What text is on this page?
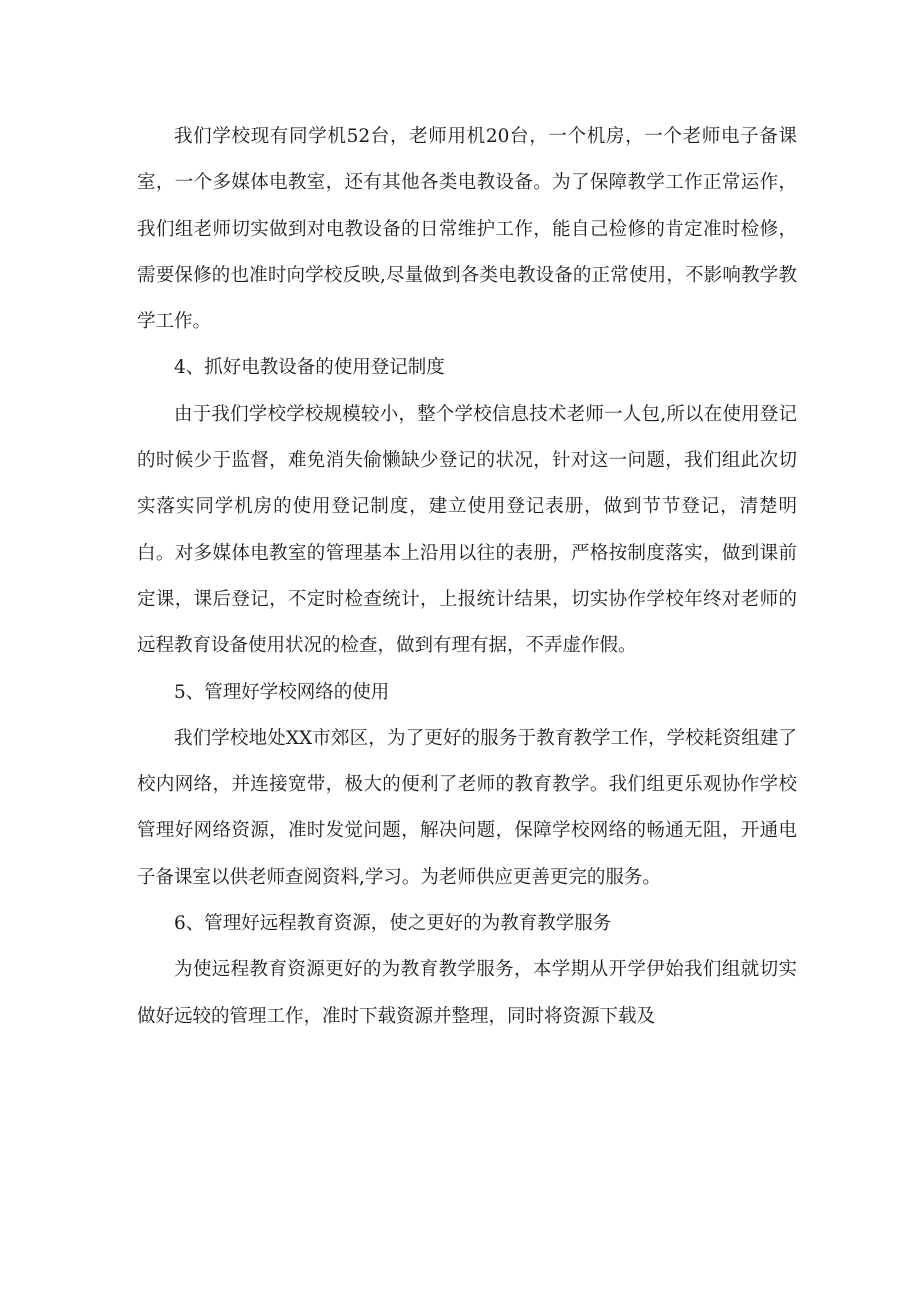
我们学校现有同学机52台，老师用机20台，一个机房，一个老师电子备课室，一个多媒体电教室，还有其他各类电教设备。为了保障教学工作正常运作，我们组老师切实做到对电教设备的日常维护工作，能自己检修的肯定准时检修，需要保修的也准时向学校反映,尽量做到各类电教设备的正常使用，不影响教学教学工作。

4、抓好电教设备的使用登记制度

由于我们学校学校规模较小，整个学校信息技术老师一人包,所以在使用登记的时候少于监督，难免消失偷懒缺少登记的状况，针对这一问题，我们组此次切实落实同学机房的使用登记制度，建立使用登记表册，做到节节登记，清楚明白。对多媒体电教室的管理基本上沿用以往的表册，严格按制度落实，做到课前定课，课后登记，不定时检查统计，上报统计结果，切实协作学校年终对老师的远程教育设备使用状况的检查，做到有理有据，不弄虚作假。

5、管理好学校网络的使用

我们学校地处XX市郊区，为了更好的服务于教育教学工作，学校耗资组建了校内网络，并连接宽带，极大的便利了老师的教育教学。我们组更乐观协作学校管理好网络资源，准时发觉问题，解决问题，保障学校网络的畅通无阻，开通电子备课室以供老师查阅资料,学习。为老师供应更善更完的服务。

6、管理好远程教育资源，使之更好的为教育教学服务

为使远程教育资源更好的为教育教学服务，本学期从开学伊始我们组就切实做好远较的管理工作，准时下载资源并整理，同时将资源下载及
